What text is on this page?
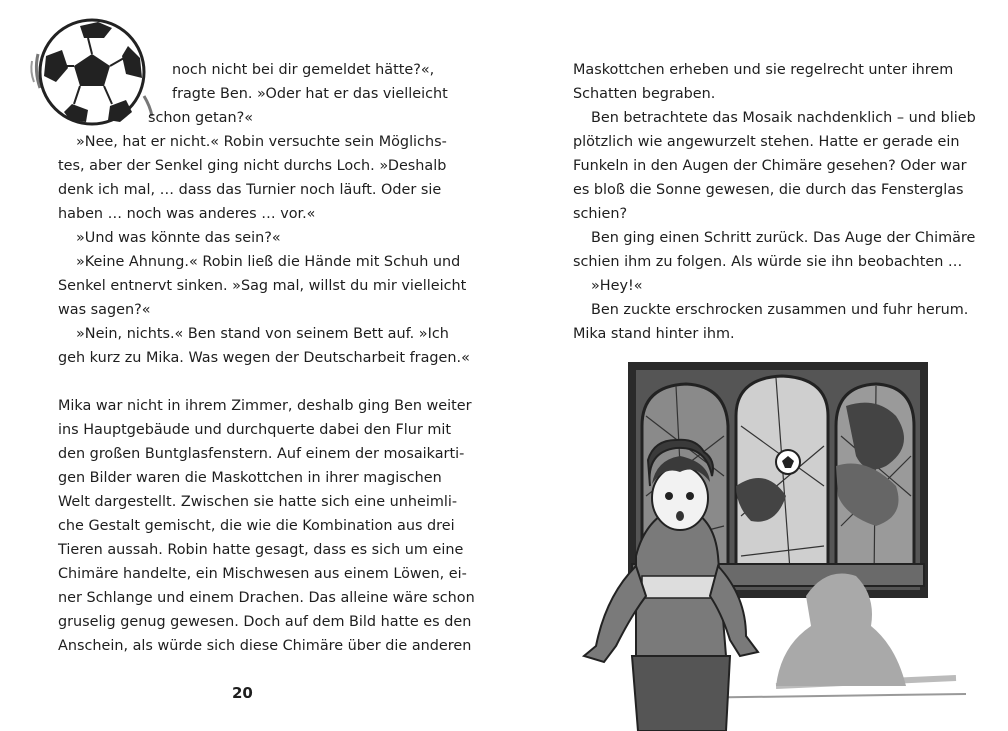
noch nicht bei dir gemeldet hätte?«,
fragte Ben. »Oder hat er das vielleicht
schon getan?«
»Nee, hat er nicht.« Robin versuchte sein Möglichs-
tes, aber der Senkel ging nicht durchs Loch. »Deshalb
denk ich mal, … dass das Turnier noch läuft. Oder sie
haben … noch was anderes … vor.«
»Und was könnte das sein?«
»Keine Ahnung.« Robin ließ die Hände mit Schuh und
Senkel entnervt sinken. »Sag mal, willst du mir vielleicht
was sagen?«
»Nein, nichts.« Ben stand von seinem Bett auf. »Ich
geh kurz zu Mika. Was wegen der Deutscharbeit fragen.«
Mika war nicht in ihrem Zimmer, deshalb ging Ben weiter
ins Hauptgebäude und durchquerte dabei den Flur mit
den großen Buntglasfenstern. Auf einem der mosaikarti-
gen Bilder waren die Maskottchen in ihrer magischen
Welt dargestellt. Zwischen sie hatte sich eine unheimli-
che Gestalt gemischt, die wie die Kombination aus drei
Tieren aussah. Robin hatte gesagt, dass es sich um eine
Chimäre handelte, ein Mischwesen aus einem Löwen, ei-
ner Schlange und einem Drachen. Das alleine wäre schon
gruselig genug gewesen. Doch auf dem Bild hatte es den
Anschein, als würde sich diese Chimäre über die anderen
20
Maskottchen erheben und sie regelrecht unter ihrem
Schatten begraben.
Ben betrachtete das Mosaik nachdenklich – und blieb
plötzlich wie angewurzelt stehen. Hatte er gerade ein
Funkeln in den Augen der Chimäre gesehen? Oder war
es bloß die Sonne gewesen, die durch das Fensterglas
schien?
Ben ging einen Schritt zurück. Das Auge der Chimäre
schien ihm zu folgen. Als würde sie ihn beobachten …
»Hey!«
Ben zuckte erschrocken zusammen und fuhr herum.
Mika stand hinter ihm.
